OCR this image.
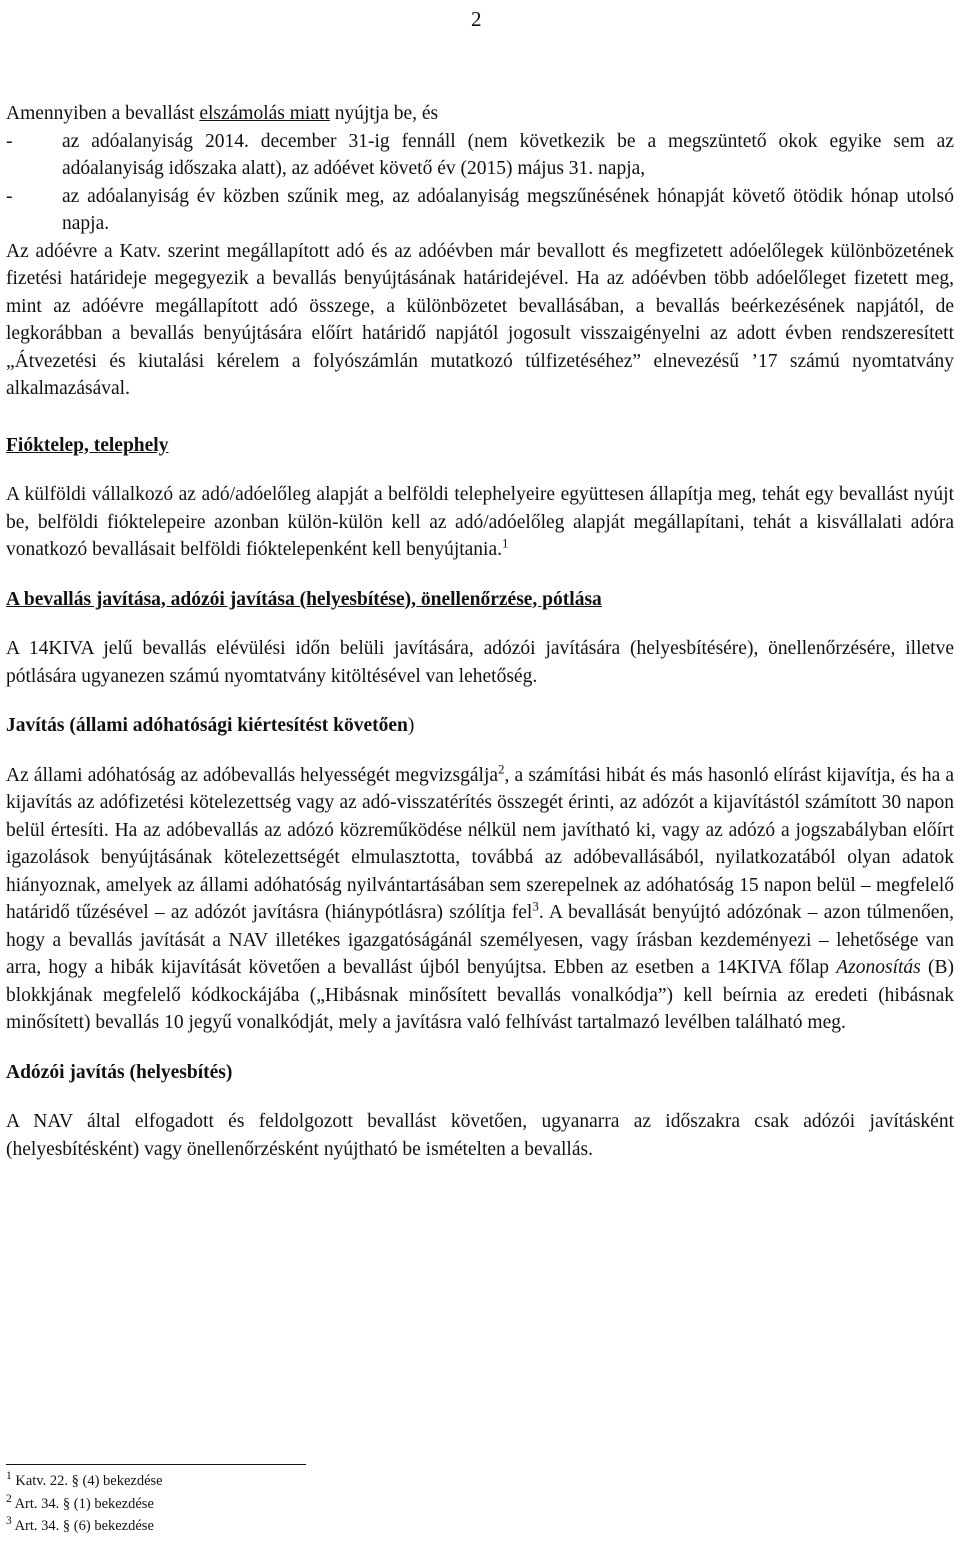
2

Amennyiben a bevallást elszámolás miatt nyújtja be, és

-	az adóalanyiság 2014. december 31-ig fennáll (nem következik be a megszüntető okok egyike sem az adóalanyiság időszaka alatt), az adóévet követő év (2015) május 31. napja,
-	az adóalanyiság év közben szűnik meg, az adóalanyiság megszűnésének hónapját követő ötödik hónap utolsó napja.

Az adóévre a Katv. szerint megállapított adó és az adóévben már bevallott és megfizetett adóelőlegek különbözetének fizetési határideje megegyezik a bevallás benyújtásának határidejével. Ha az adóévben több adóelőleget fizetett meg, mint az adóévre megállapított adó összege, a különbözetet bevallásában, a bevallás beérkezésének napjától, de legkorábban a bevallás benyújtására előírt határidő napjától jogosult visszaigényelni az adott évben rendszeresített „Átvezetési és kiutalási kérelem a folyószámlán mutatkozó túlfizetéséhez” elnevezésű ’17 számú nyomtatvány alkalmazásával.

Fióktelep, telephely

A külföldi vállalkozó az adó/adóelőleg alapját a belföldi telephelyeire együttesen állapítja meg, tehát egy bevallást nyújt be, belföldi fióktelepeire azonban külön-külön kell az adó/adóelőleg alapját megállapítani, tehát a kisvállalati adóra vonatkozó bevallásait belföldi fióktelepenként kell benyújtania.$^1$

A bevallás javítása, adózói javítása (helyesbítése), önellenőrzése, pótlása

A 14KIVA jelű bevallás elévülési időn belüli javítására, adózói javítására (helyesbítésére), önellenőrzésére, illetve pótlására ugyanezen számú nyomtatvány kitöltésével van lehetőség.

Javítás (állami adóhatósági kiértesítést követően)

Az állami adóhatóság az adóbevallás helyességét megvizsgálja$^2$, a számítási hibát és más hasonló elírást kijavítja, és ha a kijavítás az adófizetési kötelezettség vagy az adó-visszatérítés összegét érinti, az adózót a kijavítástól számított 30 napon belül értesíti. Ha az adóbevallás az adózó közreműködése nélkül nem javítható ki, vagy az adózó a jogszabályban előírt igazolások benyújtásának kötelezettségét elmulasztotta, továbbá az adóbevallásából, nyilatkozatából olyan adatok hiányoznak, amelyek az állami adóhatóság nyilvántartásában sem szerepelnek az adóhatóság 15 napon belül – megfelelő határidő tűzésével – az adózót javításra (hiánypótlásra) szólítja fel$^3$. A bevallását benyújtó adózónak – azon túlmenően, hogy a bevallás javítását a NAV illetékes igazgatóságánál személyesen, vagy írásban kezdeményezi – lehetősége van arra, hogy a hibák kijavítását követően a bevallást újból benyújtsa. Ebben az esetben a 14KIVA főlap Azonosítás (B) blokkjának megfelelő kódkockájába („Hibásnak minősített bevallás vonalkódja”) kell beírnia az eredeti (hibásnak minősített) bevallás 10 jegyű vonalkódját, mely a javításra való felhívást tartalmazó levélben található meg.

Adózói javítás (helyesbítés)

A NAV által elfogadott és feldolgozott bevallást követően, ugyanarra az időszakra csak adózói javításként (helyesbítésként) vagy önellenőrzésként nyújtható be ismételten a bevallás.

$^1$ Katv. 22. § (4) bekezdése
$^2$ Art. 34. § (1) bekezdése
$^3$ Art. 34. § (6) bekezdése
